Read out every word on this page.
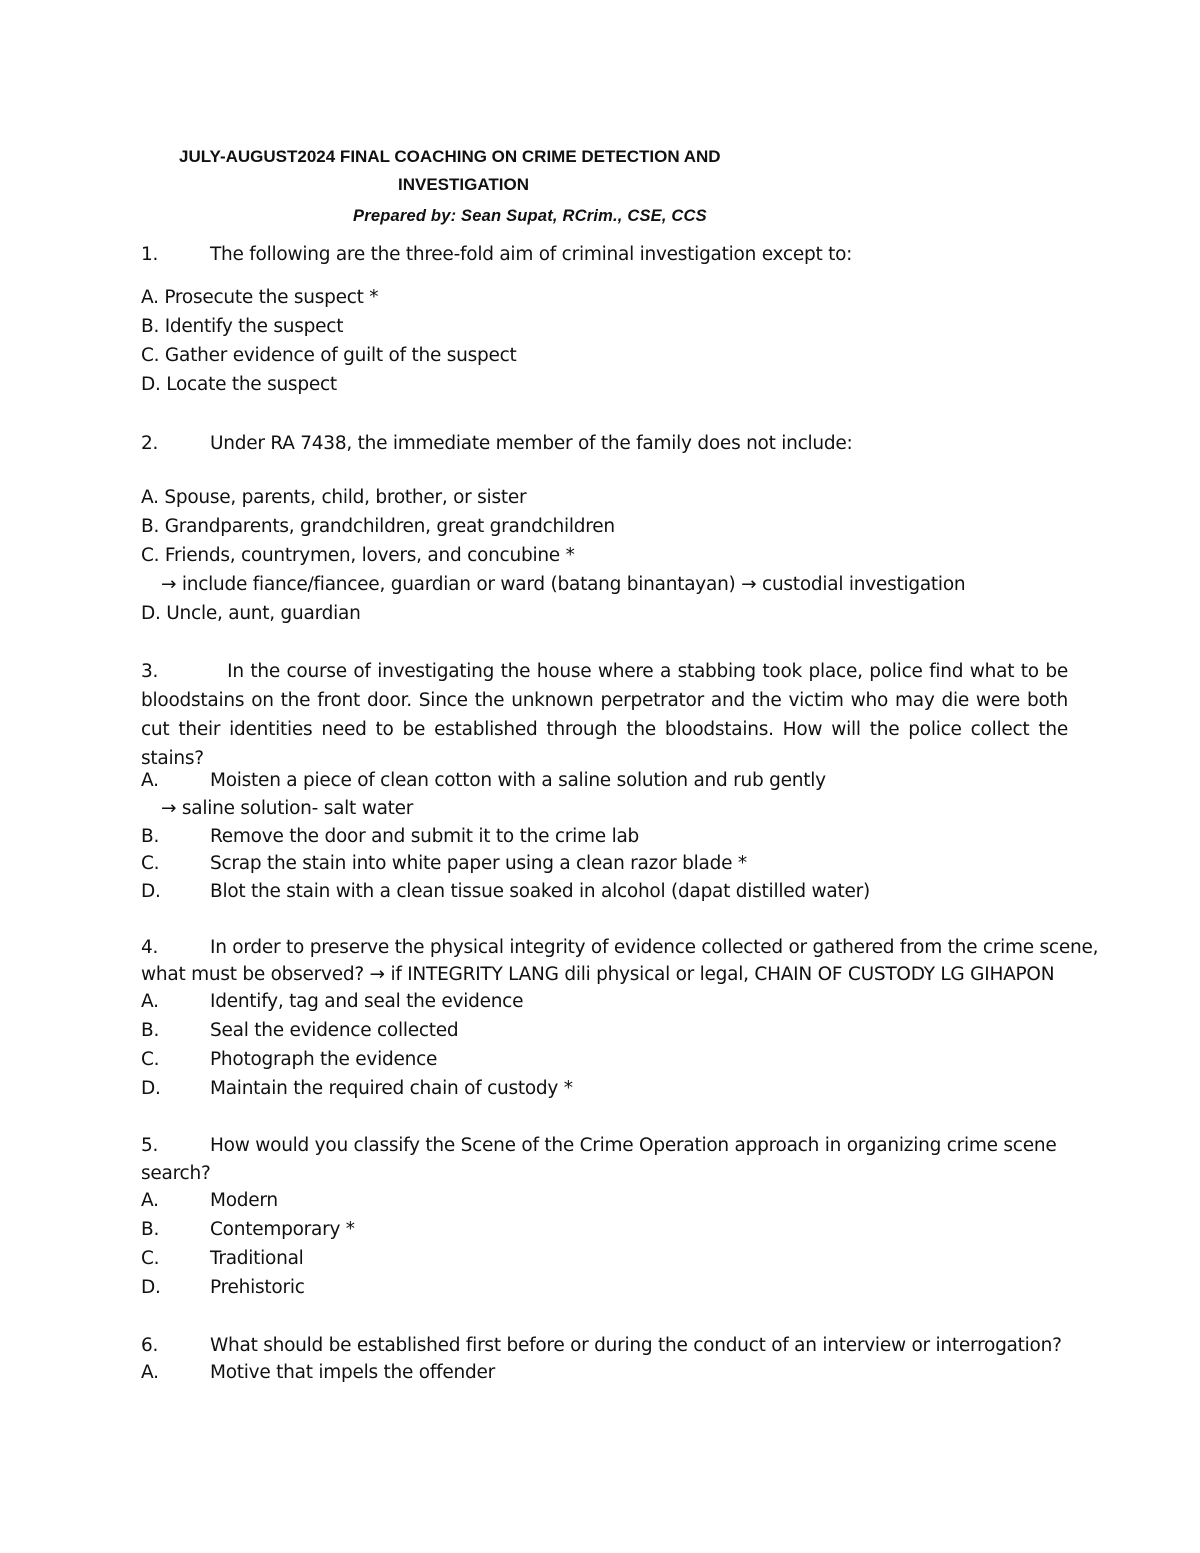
JULY-AUGUST2024 FINAL COACHING ON CRIME DETECTION AND
INVESTIGATION
Prepared by: Sean Supat, RCrim., CSE, CCS
1.	The following are the three-fold aim of criminal investigation except to:
A. Prosecute the suspect *
B. Identify the suspect
C. Gather evidence of guilt of the suspect
D. Locate the suspect
2.	Under RA 7438, the immediate member of the family does not include:
A. Spouse, parents, child, brother, or sister
B. Grandparents, grandchildren, great grandchildren
C. Friends, countrymen, lovers, and concubine *
→ include fiance/fiancee, guardian or ward (batang binantayan) → custodial investigation
D. Uncle, aunt, guardian
3.	In the course of investigating the house where a stabbing took place, police find what to be bloodstains on the front door. Since the unknown perpetrator and the victim who may die were both cut their identities need to be established through the bloodstains. How will the police collect the stains?
A.	Moisten a piece of clean cotton with a saline solution and rub gently
→ saline solution- salt water
B.	Remove the door and submit it to the crime lab
C.	Scrap the stain into white paper using a clean razor blade *
D.	Blot the stain with a clean tissue soaked in alcohol (dapat distilled water)
4.	In order to preserve the physical integrity of evidence collected or gathered from the crime scene,
what must be observed? → if INTEGRITY LANG dili physical or legal, CHAIN OF CUSTODY LG GIHAPON
A.	Identify, tag and seal the evidence
B.	Seal the evidence collected
C.	Photograph the evidence
D.	Maintain the required chain of custody *
5.	How would you classify the Scene of the Crime Operation approach in organizing crime scene
search?
A.	Modern
B.	Contemporary *
C.	Traditional
D.	Prehistoric
6.	What should be established first before or during the conduct of an interview or interrogation?
A.	Motive that impels the offender
